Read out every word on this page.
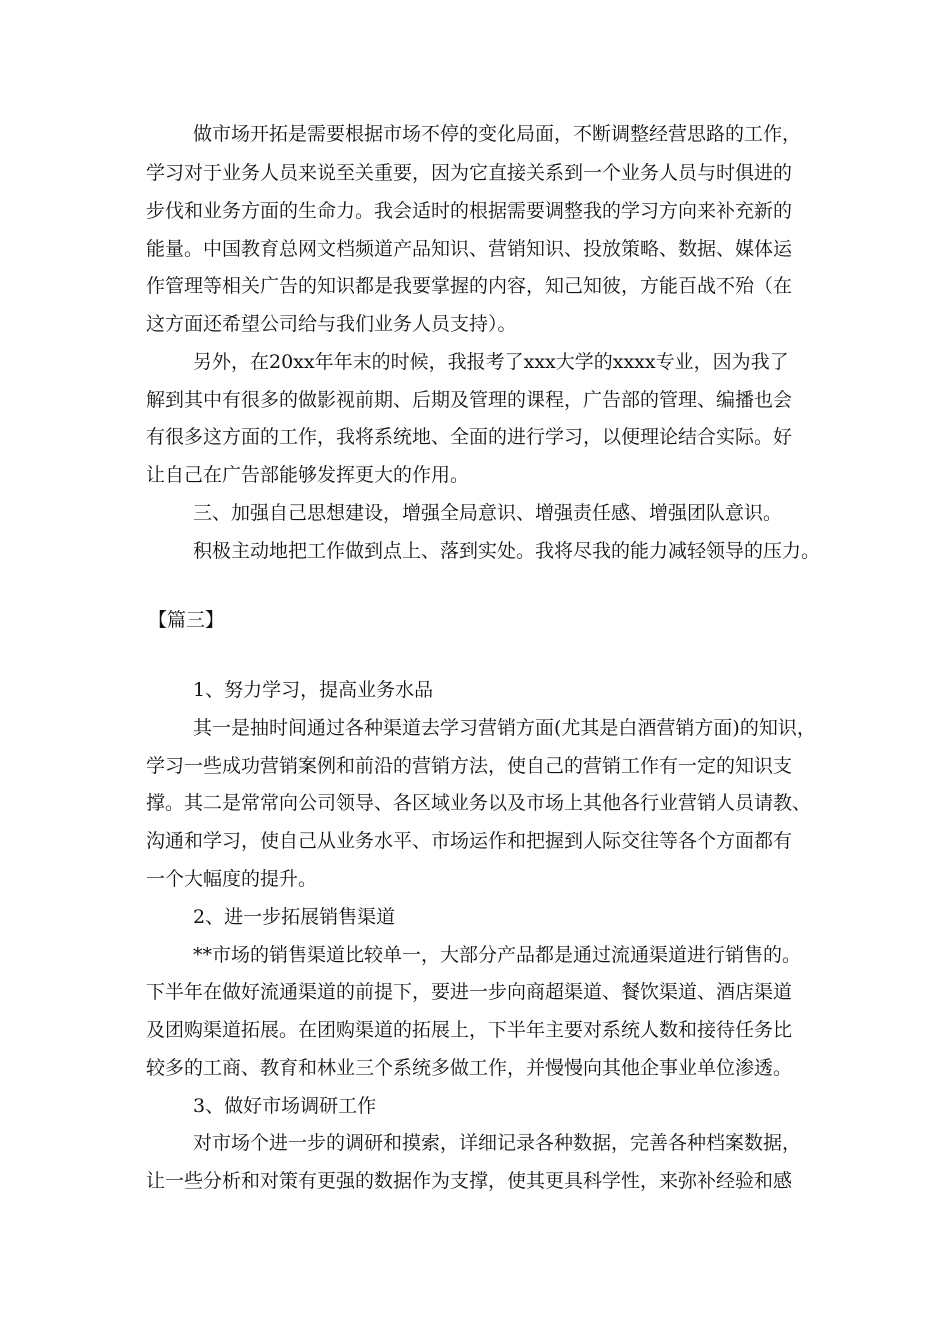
做市场开拓是需要根据市场不停的变化局面，不断调整经营思路的工作，
学习对于业务人员来说至关重要，因为它直接关系到一个业务人员与时俱进的
步伐和业务方面的生命力。我会适时的根据需要调整我的学习方向来补充新的
能量。中国教育总网文档频道产品知识、营销知识、投放策略、数据、媒体运
作管理等相关广告的知识都是我要掌握的内容，知己知彼，方能百战不殆（在
这方面还希望公司给与我们业务人员支持）。
另外，在20xx年年末的时候，我报考了xxx大学的xxxx专业，因为我了
解到其中有很多的做影视前期、后期及管理的课程，广告部的管理、编播也会
有很多这方面的工作，我将系统地、全面的进行学习，以便理论结合实际。好
让自己在广告部能够发挥更大的作用。
三、加强自己思想建设，增强全局意识、增强责任感、增强团队意识。
积极主动地把工作做到点上、落到实处。我将尽我的能力减轻领导的压力。
【篇三】
1、努力学习，提高业务水品
其一是抽时间通过各种渠道去学习营销方面(尤其是白酒营销方面)的知识，
学习一些成功营销案例和前沿的营销方法，使自己的营销工作有一定的知识支
撑。其二是常常向公司领导、各区域业务以及市场上其他各行业营销人员请教、
沟通和学习，使自己从业务水平、市场运作和把握到人际交往等各个方面都有
一个大幅度的提升。
2、进一步拓展销售渠道
**市场的销售渠道比较单一，大部分产品都是通过流通渠道进行销售的。
下半年在做好流通渠道的前提下，要进一步向商超渠道、餐饮渠道、酒店渠道
及团购渠道拓展。在团购渠道的拓展上，下半年主要对系统人数和接待任务比
较多的工商、教育和林业三个系统多做工作，并慢慢向其他企事业单位渗透。
3、做好市场调研工作
对市场个进一步的调研和摸索，详细记录各种数据，完善各种档案数据，
让一些分析和对策有更强的数据作为支撑，使其更具科学性，来弥补经验和感
